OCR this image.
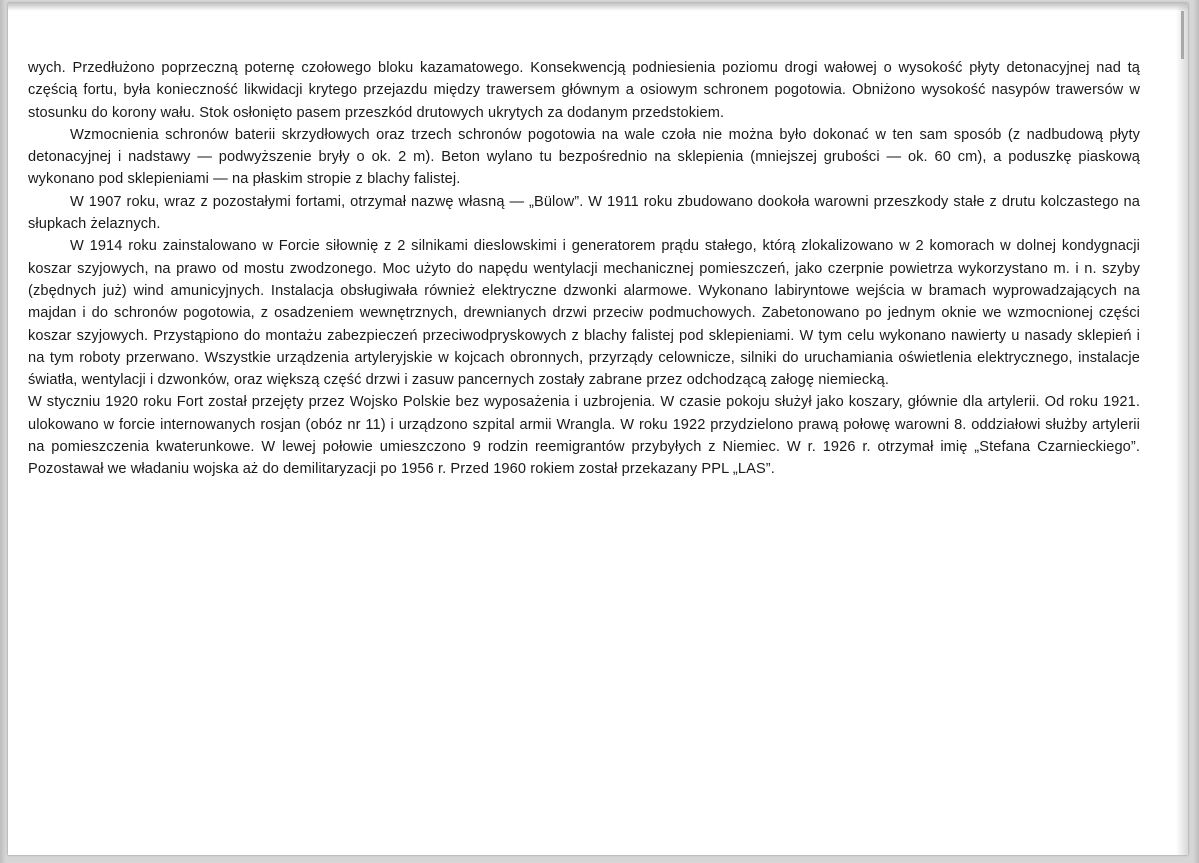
wych. Przedłużono poprzeczną poternę czołowego bloku kazamatowego. Konsekwencją podniesienia poziomu drogi wałowej o wysokość płyty detonacyjnej nad tą częścią fortu, była konieczność likwidacji krytego przejazdu między trawersem głównym a osiowym schronem pogotowia. Obniżono wysokość nasypów trawersów w stosunku do korony wału. Stok osłonięto pasem przeszkód drutowych ukrytych za dodanym przedstokiem.

Wzmocnienia schronów baterii skrzydłowych oraz trzech schronów pogotowia na wale czoła nie można było dokonać w ten sam sposób (z nadbudową płyty detonacyjnej i nadstawy — podwyższenie bryły o ok. 2 m). Beton wylano tu bezpośrednio na sklepienia (mniejszej grubości — ok. 60 cm), a poduszkę piaskową wykonano pod sklepieniami — na płaskim stropie z blachy falistej.

W 1907 roku, wraz z pozostałymi fortami, otrzymał nazwę własną — „Bülow”. W 1911 roku zbudowano dookoła warowni przeszkody stałe z drutu kolczastego na słupkach żelaznych.

W 1914 roku zainstalowano w Forcie siłownię z 2 silnikami dieslowskimi i generatorem prądu stałego, którą zlokalizowano w 2 komorach w dolnej kondygnacji koszar szyjowych, na prawo od mostu zwodzonego. Moc użyto do napędu wentylacji mechanicznej pomieszczeń, jako czerpnie powietrza wykorzystano m. i n. szyby (zbędnych już) wind amunicyjnych. Instalacja obsługiwała również elektryczne dzwonki alarmowe. Wykonano labiryntowe wejścia w bramach wyprowadzających na majdan i do schronów pogotowia, z osadzeniem wewnętrznych, drewnianych drzwi przeciw podmuchowych. Zabetonowano po jednym oknie we wzmocnionej części koszar szyjowych. Przystąpiono do montażu zabezpieczeń przeciwodpryskowych z blachy falistej pod sklepieniami. W tym celu wykonano nawierty u nasady sklepień i na tym roboty przerwano. Wszystkie urządzenia artyleryjskie w kojcach obronnych, przyrządy celownicze, silniki do uruchamiania oświetlenia elektrycznego, instalacje światła, wentylacji i dzwonków, oraz większą część drzwi i zasuw pancernych zostały zabrane przez odchodzącą załogę niemiecką.

W styczniu 1920 roku Fort został przejęty przez Wojsko Polskie bez wyposażenia i uzbrojenia. W czasie pokoju służył jako koszary, głównie dla artylerii. Od roku 1921. ulokowano w forcie internowanych rosjan (obóz nr 11) i urządzono szpital armii Wrangla. W roku 1922 przydzielono prawą połowę warowni 8. oddziałowi służby artylerii na pomieszczenia kwaterunkowe. W lewej połowie umieszczono 9 rodzin reemigrantów przybyłych z Niemiec. W r. 1926 r. otrzymał imię „Stefana Czarnieckiego”. Pozostawał we władaniu wojska aż do demilitaryzacji po 1956 r. Przed 1960 rokiem został przekazany PPL „LAS”.
